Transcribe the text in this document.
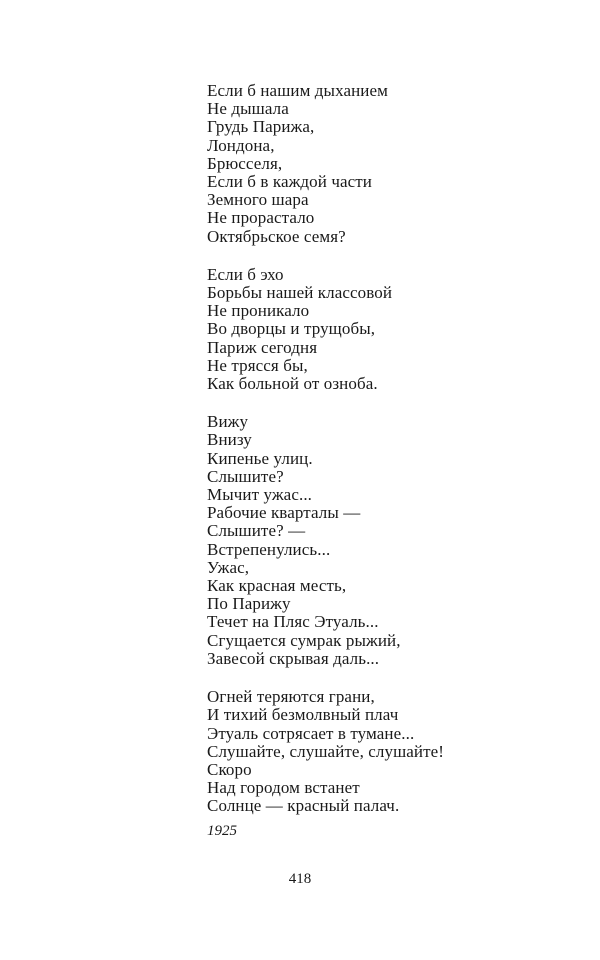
Если б нашим дыханием
Не дышала
Грудь Парижа,
Лондона,
Брюсселя,
Если б в каждой части
Земного шара
Не прорастало
Октябрьское семя?
Если б эхо
Борьбы нашей классовой
Не проникало
Во дворцы и трущобы,
Париж сегодня
Не трясся бы,
Как больной от озноба.
Вижу
Внизу
Кипенье улиц.
Слышите?
Мычит ужас...
Рабочие кварталы —
Слышите? —
Встрепенулись...
Ужас,
Как красная месть,
По Парижу
Течет на Пляс Этуаль...
Сгущается сумрак рыжий,
Завесой скрывая даль...
Огней теряются грани,
И тихий безмолвный плач
Этуаль сотрясает в тумане...
Слушайте, слушайте, слушайте!
Скоро
Над городом встанет
Солнце — красный палач.
1925
418
